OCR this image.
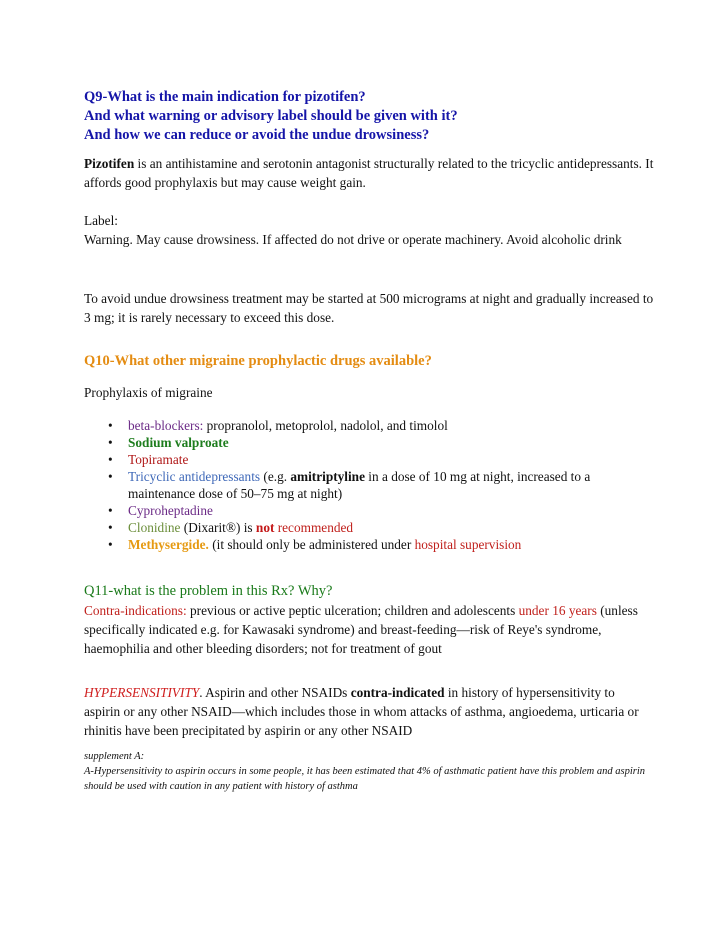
Q9-What is the main indication for pizotifen?
And what warning or advisory label should be given with it?
And how we can reduce or avoid the undue drowsiness?
Pizotifen is an antihistamine and serotonin antagonist structurally related to the tricyclic antidepressants. It affords good prophylaxis but may cause weight gain.
Label:
Warning. May cause drowsiness. If affected do not drive or operate machinery. Avoid alcoholic drink
To avoid undue drowsiness treatment may be started at 500 micrograms at night and gradually increased to 3 mg; it is rarely necessary to exceed this dose.
Q10-What other migraine prophylactic drugs available?
Prophylaxis of migraine
• beta-blockers: propranolol, metoprolol, nadolol, and timolol
• Sodium valproate
• Topiramate
• Tricyclic antidepressants (e.g. amitriptyline in a dose of 10 mg at night, increased to a maintenance dose of 50–75 mg at night)
• Cyproheptadine
• Clonidine (Dixarit®) is not recommended
• Methysergide. (it should only be administered under hospital supervision
Q11-what is the problem in this Rx? Why?
Contra-indications: previous or active peptic ulceration; children and adolescents under 16 years (unless specifically indicated e.g. for Kawasaki syndrome) and breast-feeding—risk of Reye's syndrome, haemophilia and other bleeding disorders; not for treatment of gout
HYPERSENSITIVITY. Aspirin and other NSAIDs contra-indicated in history of hypersensitivity to aspirin or any other NSAID—which includes those in whom attacks of asthma, angioedema, urticaria or rhinitis have been precipitated by aspirin or any other NSAID
supplement A:
A-Hypersensitivity to aspirin occurs in some people, it has been estimated that 4% of asthmatic patient have this problem and aspirin should be used with caution in any patient with history of asthma
